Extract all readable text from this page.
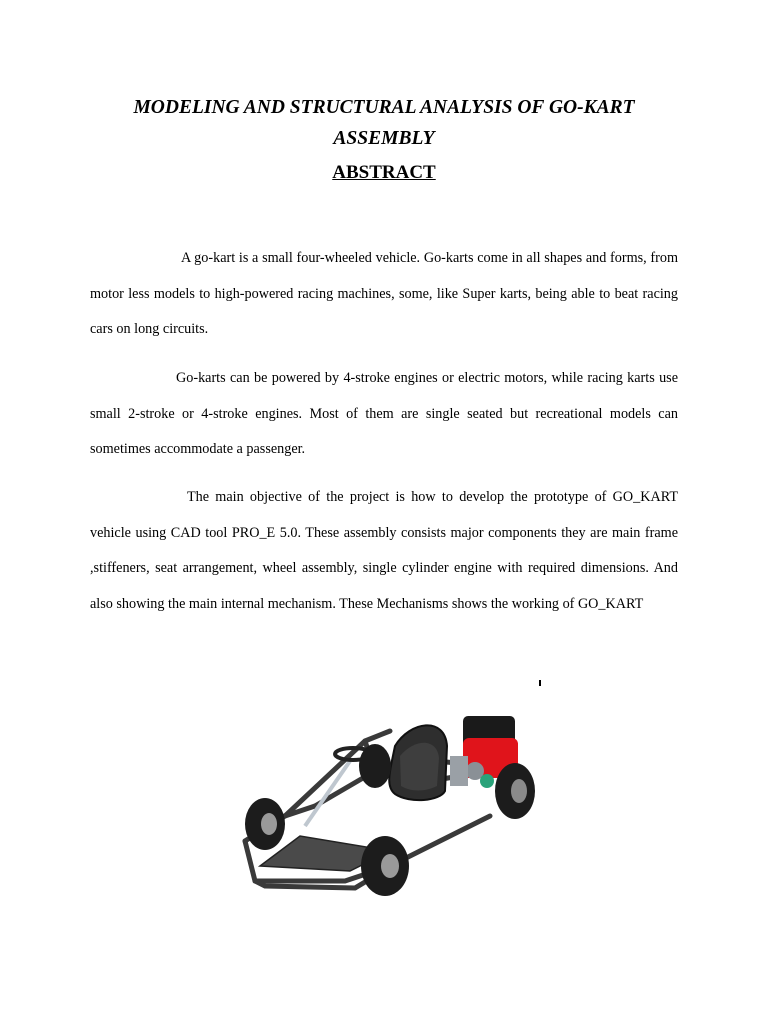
MODELING AND STRUCTURAL ANALYSIS OF GO-KART ASSEMBLY
ABSTRACT

A go-kart is a small four-wheeled vehicle. Go-karts come in all shapes and forms, from motor less models to high-powered racing machines, some, like Super karts, being able to beat racing cars on long circuits.

Go-karts can be powered by 4-stroke engines or electric motors, while racing karts use small 2-stroke or 4-stroke engines. Most of them are single seated but recreational models can sometimes accommodate a passenger.

The main objective of the project is how to develop the prototype of GO_KART vehicle using CAD tool PRO_E 5.0. These assembly consists major components they are main frame ,stiffeners, seat arrangement, wheel assembly, single cylinder engine with required dimensions. And also showing the main internal mechanism. These Mechanisms shows the working of GO_KART
